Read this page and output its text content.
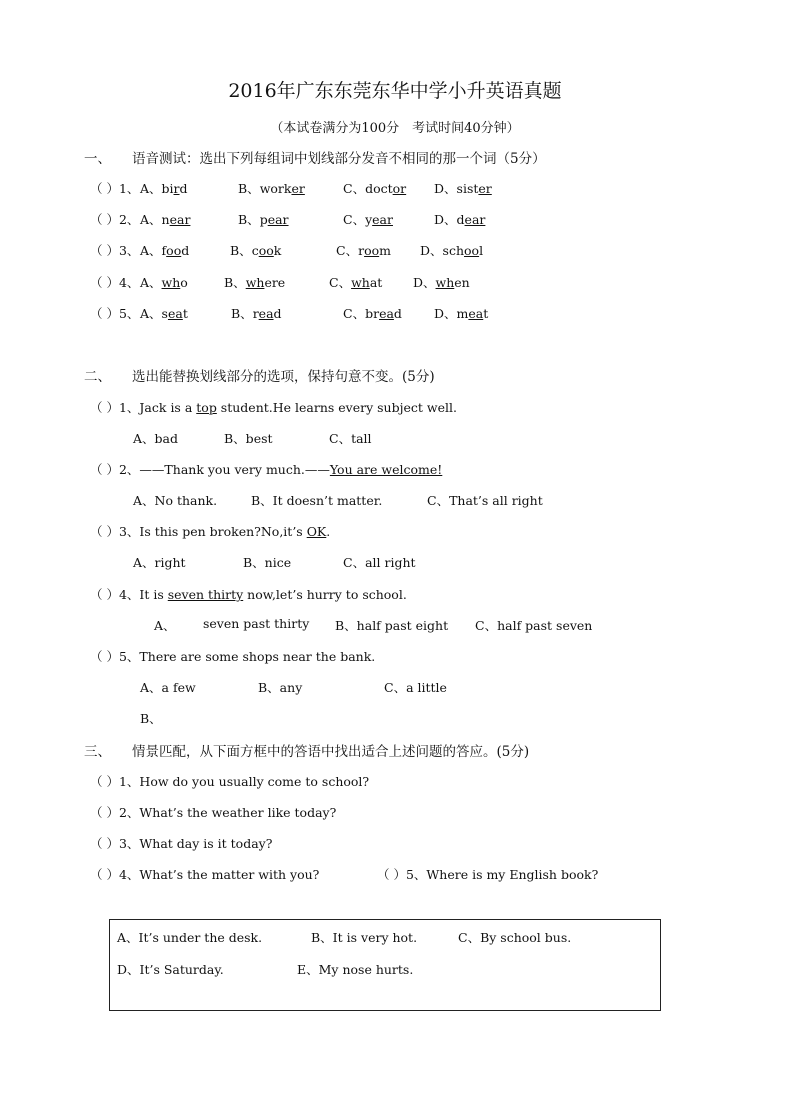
2016年广东东莞东华中学小升英语真题
（本试卷满分为100分　考试时间40分钟）
一、 语音测试：选出下列每组词中划线部分发音不相同的那一个词（5分）
（ ）1、 A、bird	B、worker	C、doctor D、sister
（ ）2、 A、near	B、pear	C、year	D、dear
（ ）3、 A、food	B、cook	C、room D、school
（ ）4、 A、who	B、where	C、what D、when
（ ）5、 A、seat	B、read	C、bread	D、meat
二、 选出能替换划线部分的选项，保持句意不变。(5分)
（ ）1、Jack is a top student.He learns every subject well.
A、bad	B、best	C、tall
（ ）2、——Thank you very much.——You are welcome!
A、No thank.	B、It doesn’t matter.	C、That’s all right
（ ）3、Is this pen broken?No,it’s OK.
A、right	B、nice	C、all right
（ ）4、It is seven thirty now,let’s hurry to school.
A、 seven past thirty B、half past eight C、half past seven
（ ）5、There are some shops near the bank.
A、a few	B、any	C、a little
B、
三、 情景匹配，从下面方框中的答语中找出适合上述问题的答应。(5分)
（ ）1、How do you usually come to school?
（ ）2、What’s the weather like today?
（ ）3、What day is it today?
（ ）4、What’s the matter with you?	（ ）5、Where is my English book?
A、It’s under the desk.	B、It is very hot.	C、By school bus.
D、It’s Saturday.	E、My nose hurts.
